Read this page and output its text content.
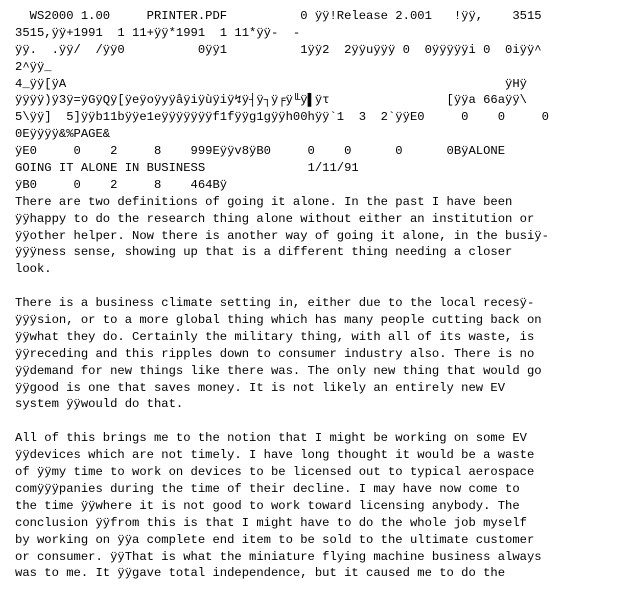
WS2000 1.00     PRINTER.PDF          0 ÿÿ!Release 2.001   !ÿÿ,    3515
3515,ÿÿ+1991  1 11+ÿÿ*1991  1 11*ÿÿ-  -
ÿÿ.  .ÿÿ/  /ÿÿ0          0ÿÿ1          1ÿÿ2  2ÿÿuÿÿÿ 0  0ÿÿÿÿÿi 0  0iÿÿ^
2^ÿÿ_
4_ÿÿ[ÿA                                                            ÿHÿ
ÿÿÿÿ)ÿ3ÿ=ÿGÿQÿ[ÿeÿoÿyÿâÿiÿùÿiÿ↯ÿ┤ÿ┐ÿ╒ÿ╙ÿ▌ÿτ                [ÿÿa 66aÿÿ\
5\ÿÿ]  5]ÿÿb11bÿÿe1eÿÿÿÿÿÿÿf1fÿÿg1gÿÿh00hÿÿ`1  3  2`ÿÿE0     0    0     0
0Eÿÿÿÿ&%PAGE&
ÿE0     0    2     8    999Eÿÿv8ÿB0     0    0      0      0BÿALONE
GOING IT ALONE IN BUSINESS              1/11/91
ÿB0     0    2     8    464Bÿ
There are two definitions of going it alone. In the past I have been
ÿÿhappy to do the research thing alone without either an institution or
ÿÿother helper. Now there is another way of going it alone, in the busiÿ-
ÿÿÿness sense, showing up that is a different thing needing a closer
look.
There is a business climate setting in, either due to the local recesÿ-
ÿÿÿsion, or to a more global thing which has many people cutting back on
ÿÿwhat they do. Certainly the military thing, with all of its waste, is
ÿÿreceding and this ripples down to consumer industry also. There is no
ÿÿdemand for new things like there was. The only new thing that would go
ÿÿgood is one that saves money. It is not likely an entirely new EV
system ÿÿwould do that.
All of this brings me to the notion that I might be working on some EV
ÿÿdevices which are not timely. I have long thought it would be a waste
of ÿÿmy time to work on devices to be licensed out to typical aerospace
comÿÿÿpanies during the time of their decline. I may have now come to
the time ÿÿwhere it is not good to work toward licensing anybody. The
conclusion ÿÿfrom this is that I might have to do the whole job myself
by working on ÿÿa complete end item to be sold to the ultimate customer
or consumer. ÿÿThat is what the miniature flying machine business always
was to me. It ÿÿgave total independence, but it caused me to do the
